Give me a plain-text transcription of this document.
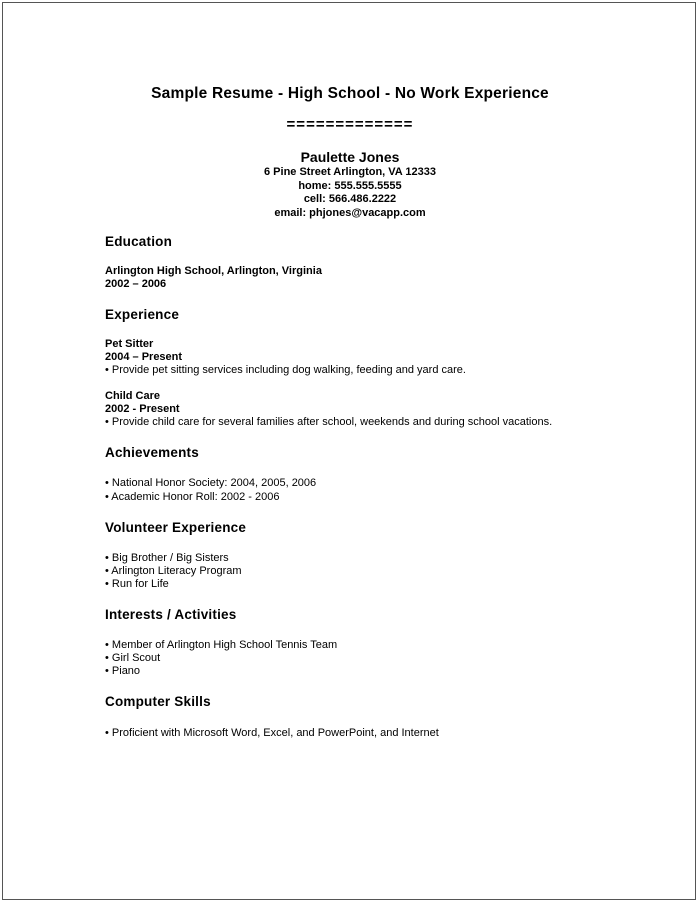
Sample Resume - High School - No Work Experience
=============
Paulette Jones
6 Pine Street Arlington, VA 12333
home: 555.555.5555
cell: 566.486.2222
email: phjones@vacapp.com
Education
Arlington High School, Arlington, Virginia
2002 – 2006
Experience
Pet Sitter
2004 – Present
• Provide pet sitting services including dog walking, feeding and yard care.
Child Care
2002 - Present
• Provide child care for several families after school, weekends and during school vacations.
Achievements
• National Honor Society: 2004, 2005, 2006
• Academic Honor Roll: 2002 - 2006
Volunteer Experience
• Big Brother / Big Sisters
• Arlington Literacy Program
• Run for Life
Interests / Activities
• Member of Arlington High School Tennis Team
• Girl Scout
• Piano
Computer Skills
• Proficient with Microsoft Word, Excel, and PowerPoint, and Internet
